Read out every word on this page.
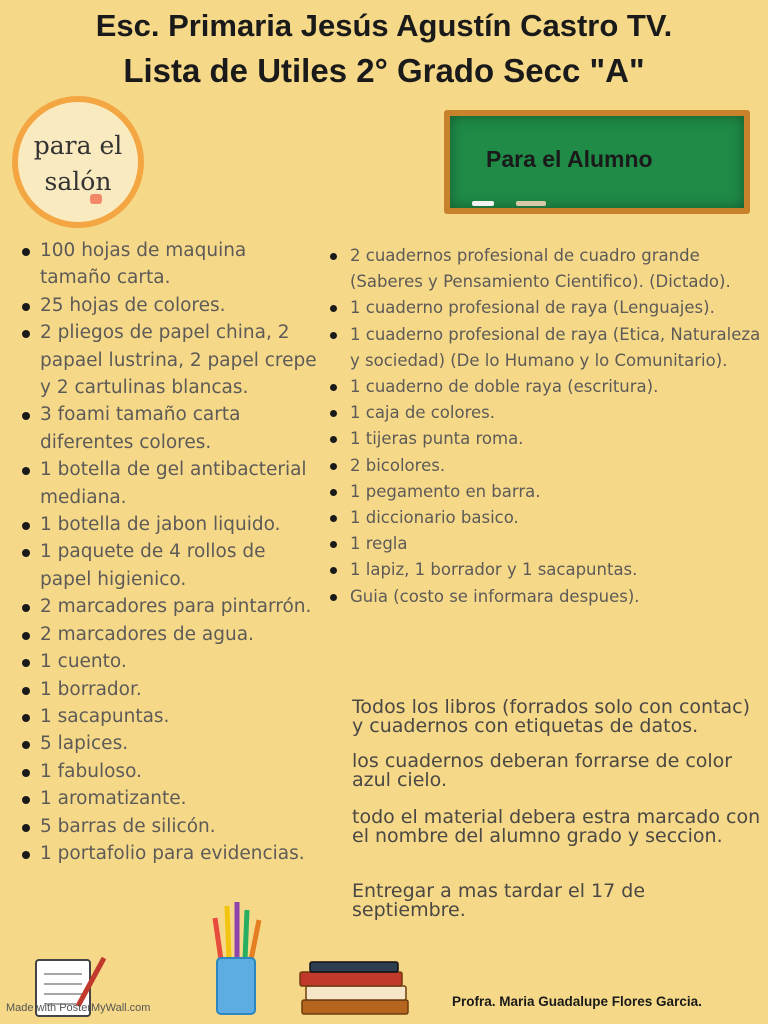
Esc. Primaria Jesús Agustín Castro TV.
Lista de Utiles 2° Grado Secc "A"
para el
salón
Para el Alumno
100 hojas de maquina tamaño carta.
25 hojas de colores.
2 pliegos de papel china, 2 papael lustrina, 2 papel crepe y 2 cartulinas blancas.
3 foami tamaño carta diferentes colores.
1 botella de gel antibacterial mediana.
1 botella de jabon liquido.
1 paquete de 4 rollos de papel higienico.
2 marcadores para pintarrón.
2 marcadores de agua.
1 cuento.
1 borrador.
1 sacapuntas.
5 lapices.
1 fabuloso.
1 aromatizante.
5 barras de silicón.
1 portafolio para evidencias.
2 cuadernos profesional de cuadro grande (Saberes y Pensamiento Cientifico). (Dictado).
1 cuaderno profesional de raya (Lenguajes).
1 cuaderno profesional de raya (Etica, Naturaleza y sociedad) (De lo Humano y lo Comunitario).
1 cuaderno de doble raya (escritura).
1 caja de colores.
1 tijeras punta roma.
2 bicolores.
1 pegamento en barra.
1 diccionario basico.
1 regla
1 lapiz, 1 borrador y 1 sacapuntas.
Guia (costo se informara despues).
Todos los libros (forrados solo con contac) y cuadernos con etiquetas de datos.
los cuadernos deberan forrarse de color azul cielo.
todo el material debera estra marcado con el nombre del alumno grado y seccion.
Entregar a mas tardar el 17 de septiembre.
Profra. Maria Guadalupe Flores Garcia.
Made with PosterMyWall.com
